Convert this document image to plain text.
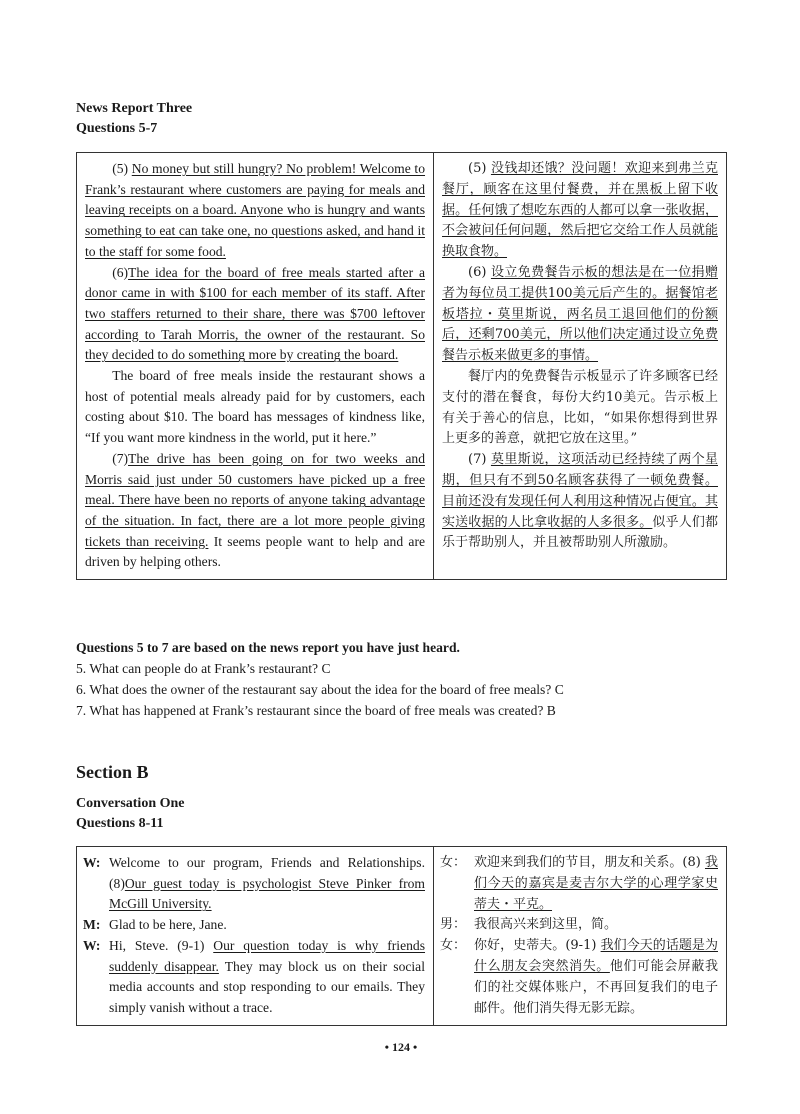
News Report Three
Questions 5-7

(5) No money but still hungry? No problem! Welcome to Frank’s restaurant where customers are paying for meals and leaving receipts on a board. Anyone who is hungry and wants something to eat can take one, no questions asked, and hand it to the staff for some food.

(6)The idea for the board of free meals started after a donor came in with $100 for each member of its staff. After two staffers returned to their share, there was $700 leftover according to Tarah Morris, the owner of the restaurant. So they decided to do something more by creating the board.

The board of free meals inside the restaurant shows a host of potential meals already paid for by customers, each costing about $10. The board has messages of kindness like, “If you want more kindness in the world, put it here.”

(7)The drive has been going on for two weeks and Morris said just under 50 customers have picked up a free meal. There have been no reports of anyone taking advantage of the situation. In fact, there are a lot more people giving tickets than receiving. It seems people want to help and are driven by helping others.

(5) 没钱却还饿？没问题！欢迎来到弗兰克餐厅，顾客在这里付餐费，并在黑板上留下收据。任何饿了想吃东西的人都可以拿一张收据，不会被问任何问题，然后把它交给工作人员就能换取食物。

(6) 设立免费餐告示板的想法是在一位捐赠者为每位员工提供100美元后产生的。据餐馆老板塔拉・莫里斯说，两名员工退回他们的份额后，还剩700美元，所以他们决定通过设立免费餐告示板来做更多的事情。

餐厅内的免费餐告示板显示了许多顾客已经支付的潜在餐食，每份大约10美元。告示板上有关于善心的信息，比如，“如果你想得到世界上更多的善意，就把它放在这里。”

(7) 莫里斯说，这项活动已经持续了两个星期，但只有不到50名顾客获得了一顿免费餐。目前还没有发现任何人利用这种情况占便宜。其实送收据的人比拿收据的人多很多。似乎人们都乐于帮助别人，并且被帮助别人所激励。

Questions 5 to 7 are based on the news report you have just heard.
5. What can people do at Frank’s restaurant? C
6. What does the owner of the restaurant say about the idea for the board of free meals? C
7. What has happened at Frank’s restaurant since the board of free meals was created? B
Section B
Conversation One
Questions 8-11
W: Welcome to our program, Friends and Relationships. (8)Our guest today is psychologist Steve Pinker from McGill University.
M: Glad to be here, Jane.
W: Hi, Steve. (9-1) Our question today is why friends suddenly disappear. They may block us on their social media accounts and stop responding to our emails. They simply vanish without a trace.

女： 欢迎来到我们的节目，朋友和关系。(8) 我们今天的嘉宾是麦吉尔大学的心理学家史蒂夫・平克。
男： 我很高兴来到这里，简。
女： 你好，史蒂夫。(9-1) 我们今天的话题是为什么朋友会突然消失。他们可能会屏蔽我们的社交媒体账户，不再回复我们的电子邮件。他们消失得无影无踪。
• 124 •
